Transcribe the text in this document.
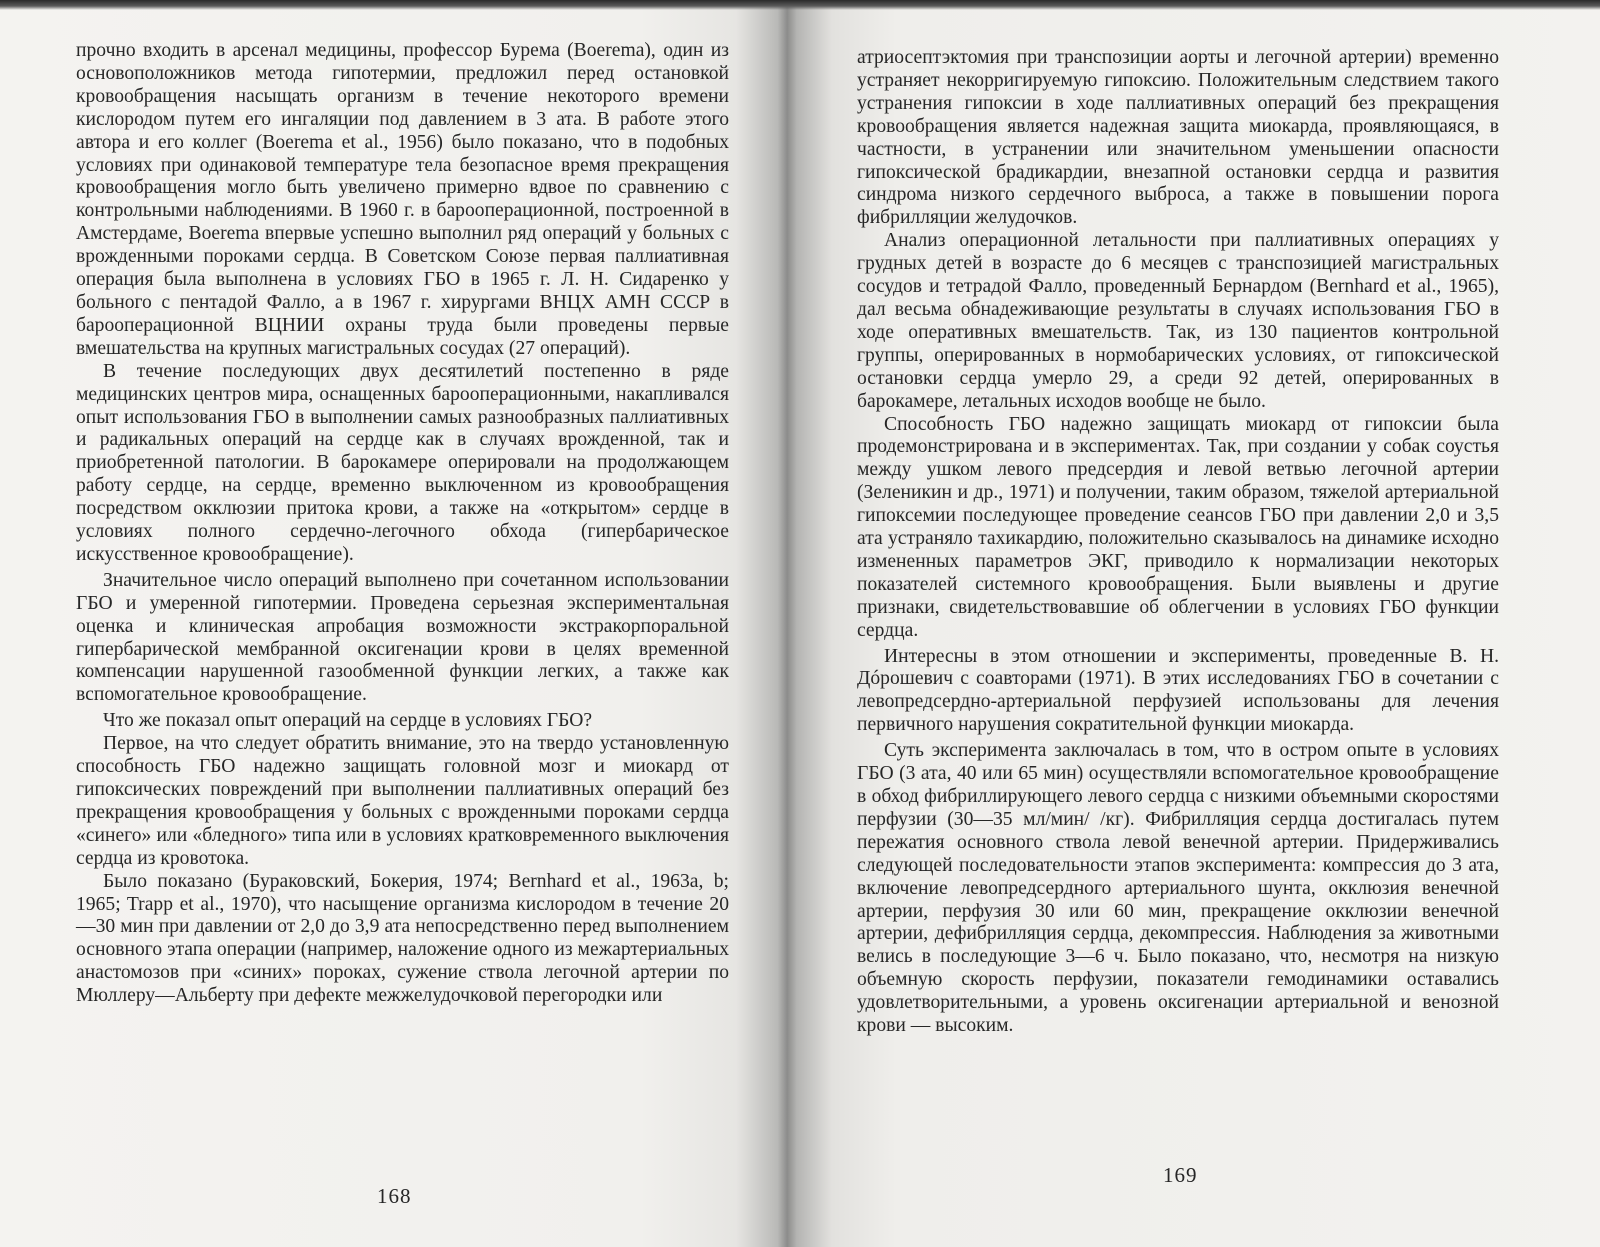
прочно входить в арсенал медицины, профессор Бурема (Boerema), один из основоположников метода гипотермии, предложил перед остановкой кровообращения насыщать организм в течение некоторого времени кислородом путем его ингаляции под давлением в 3 ата. В работе этого автора и его коллег (Boerema et al., 1956) было показано, что в подобных условиях при одинаковой температуре тела безопасное время прекращения кровообращения могло быть увеличено примерно вдвое по сравнению с контрольными наблюдениями. В 1960 г. в барооперационной, построенной в Амстердаме, Boerema впервые успешно выполнил ряд операций у больных с врожденными пороками сердца. В Советском Союзе первая паллиативная операция была выполнена в условиях ГБО в 1965 г. Л. Н. Сидаренко у больного с пентадой Фалло, а в 1967 г. хирургами ВНЦХ АМН СССР в барооперационной ВЦНИИ охраны труда были проведены первые вмешательства на крупных магистральных сосудах (27 операций).

В течение последующих двух десятилетий постепенно в ряде медицинских центров мира, оснащенных барооперационными, накапливался опыт использования ГБО в выполнении самых разнообразных паллиативных и радикальных операций на сердце как в случаях врожденной, так и приобретенной патологии. В барокамере оперировали на продолжающем работу сердце, на сердце, временно выключенном из кровообращения посредством окклюзии притока крови, а также на «открытом» сердце в условиях полного сердечно-легочного обхода (гипербарическое искусственное кровообращение).

Значительное число операций выполнено при сочетанном использовании ГБО и умеренной гипотермии. Проведена серьезная экспериментальная оценка и клиническая апробация возможности экстракорпоральной гипербарической мембранной оксигенации крови в целях временной компенсации нарушенной газообменной функции легких, а также как вспомогательное кровообращение.

Что же показал опыт операций на сердце в условиях ГБО?

Первое, на что следует обратить внимание, это на твердо установленную способность ГБО надежно защищать головной мозг и миокард от гипоксических повреждений при выполнении паллиативных операций без прекращения кровообращения у больных с врожденными пороками сердца «синего» или «бледного» типа или в условиях кратковременного выключения сердца из кровотока.

Было показано (Бураковский, Бокерия, 1974; Bernhard et al., 1963a, b; 1965; Trapp et al., 1970), что насыщение организма кислородом в течение 20—30 мин при давлении от 2,0 до 3,9 ата непосредственно перед выполнением основного этапа операции (например, наложение одного из межартериальных анастомозов при «синих» пороках, сужение ствола легочной артерии по Мюллеру—Альберту при дефекте межжелудочковой перегородки или

168

атриосептэктомия при транспозиции аорты и легочной артерии) временно устраняет некорригируемую гипоксию. Положительным следствием такого устранения гипоксии в ходе паллиативных операций без прекращения кровообращения является надежная защита миокарда, проявляющаяся, в частности, в устранении или значительном уменьшении опасности гипоксической брадикардии, внезапной остановки сердца и развития синдрома низкого сердечного выброса, а также в повышении порога фибрилляции желудочков.

Анализ операционной летальности при паллиативных операциях у грудных детей в возрасте до 6 месяцев с транспозицией магистральных сосудов и тетрадой Фалло, проведенный Бернардом (Bernhard et al., 1965), дал весьма обнадеживающие результаты в случаях использования ГБО в ходе оперативных вмешательств. Так, из 130 пациентов контрольной группы, оперированных в нормобарических условиях, от гипоксической остановки сердца умерло 29, а среди 92 детей, оперированных в барокамере, летальных исходов вообще не было.

Способность ГБО надежно защищать миокард от гипоксии была продемонстрирована и в экспериментах. Так, при создании у собак соустья между ушком левого предсердия и левой ветвью легочной артерии (Зеленикин и др., 1971) и получении, таким образом, тяжелой артериальной гипоксемии последующее проведение сеансов ГБО при давлении 2,0 и 3,5 ата устраняло тахикардию, положительно сказывалось на динамике исходно измененных параметров ЭКГ, приводило к нормализации некоторых показателей системного кровообращения. Были выявлены и другие признаки, свидетельствовавшие об облегчении в условиях ГБО функции сердца.

Интересны в этом отношении и эксперименты, проведенные В. Н. Дóрошевич с соавторами (1971). В этих исследованиях ГБО в сочетании с левопредсердно-артериальной перфузией использованы для лечения первичного нарушения сократительной функции миокарда.

Суть эксперимента заключалась в том, что в остром опыте в условиях ГБО (3 ата, 40 или 65 мин) осуществляли вспомогательное кровообращение в обход фибриллирующего левого сердца с низкими объемными скоростями перфузии (30—35 мл/мин/ /кг). Фибрилляция сердца достигалась путем пережатия основного ствола левой венечной артерии. Придерживались следующей последовательности этапов эксперимента: компрессия до 3 ата, включение левопредсердного артериального шунта, окклюзия венечной артерии, перфузия 30 или 60 мин, прекращение окклюзии венечной артерии, дефибрилляция сердца, декомпрессия. Наблюдения за животными велись в последующие 3—6 ч. Было показано, что, несмотря на низкую объемную скорость перфузии, показатели гемодинамики оставались удовлетворительными, а уровень оксигенации артериальной и венозной крови — высоким.

169
